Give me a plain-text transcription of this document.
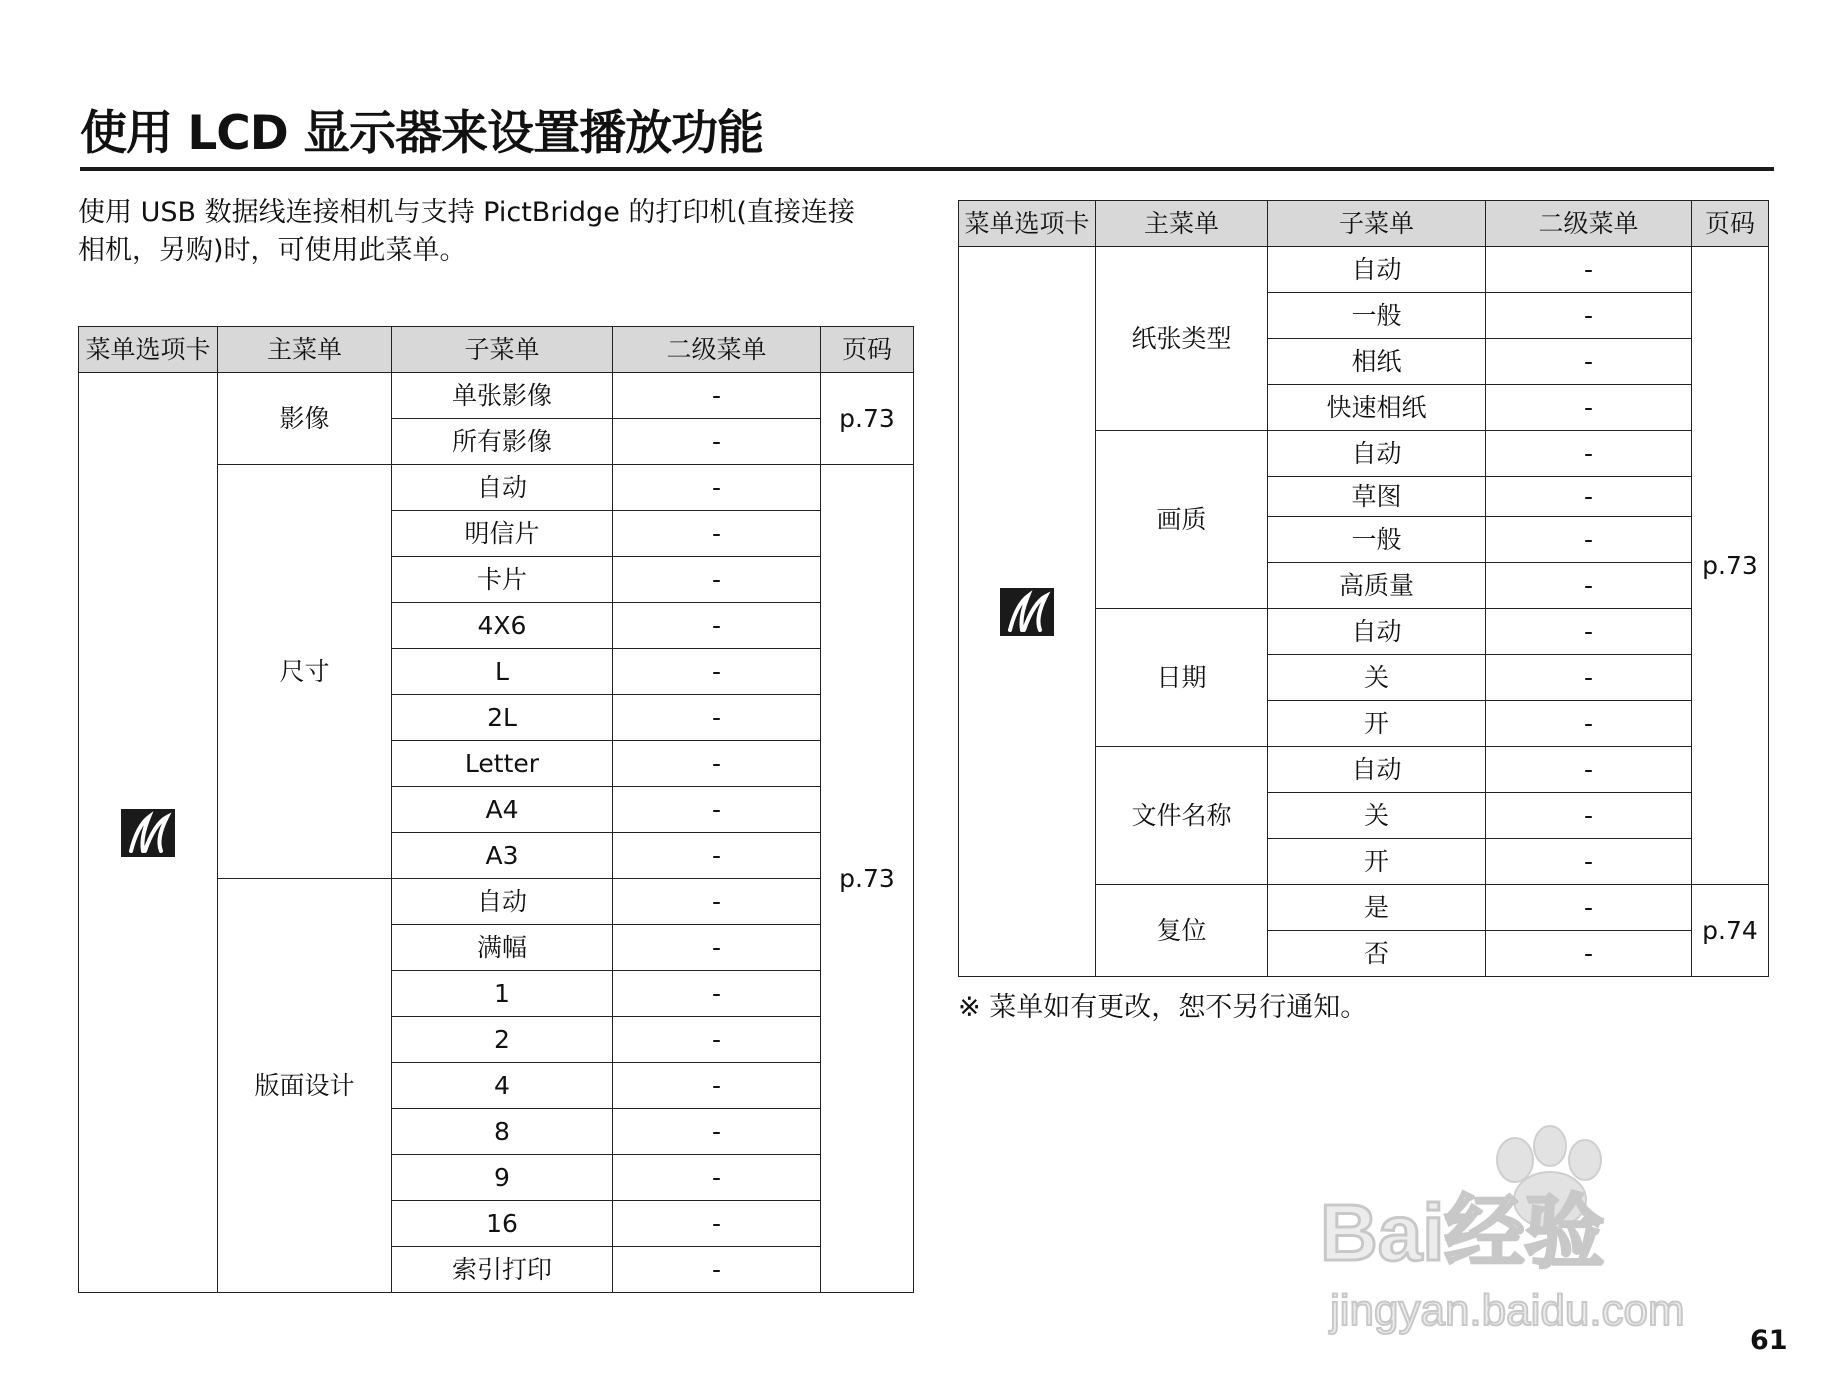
使用 LCD 显示器来设置播放功能
使用 USB 数据线连接相机与支持 PictBridge 的打印机(直接连接相机，另购)时，可使用此菜单。
菜单选项卡	主菜单	子菜单	二级菜单	页码

	影像	单张影像	-	p.73
		所有影像	-	
	尺寸	自动	-	p.73
		明信片	-	
		卡片	-	
		4X6	-	
		L	-	
		2L	-	
		Letter	-	
		A4	-	
		A3	-	
	版面设计	自动	-	
		满幅	-	
		1	-	
		2	-	
		4	-	
		8	-	
		9	-	
		16	-	
		索引打印	-	
菜单选项卡	主菜单	子菜单	二级菜单	页码

	纸张类型	自动	-	p.73
		一般	-	
		相纸	-	
		快速相纸	-	
	画质	自动	-	
		草图	-	
		一般	-	
		高质量	-	
	日期	自动	-	
		关	-	
		开	-	
	文件名称	自动	-	
		关	-	
		开	-	
	复位	是	-	p.74
		否	-	
※ 菜单如有更改，恕不另行通知。
Bai经验
jingyan.baidu.com
61
